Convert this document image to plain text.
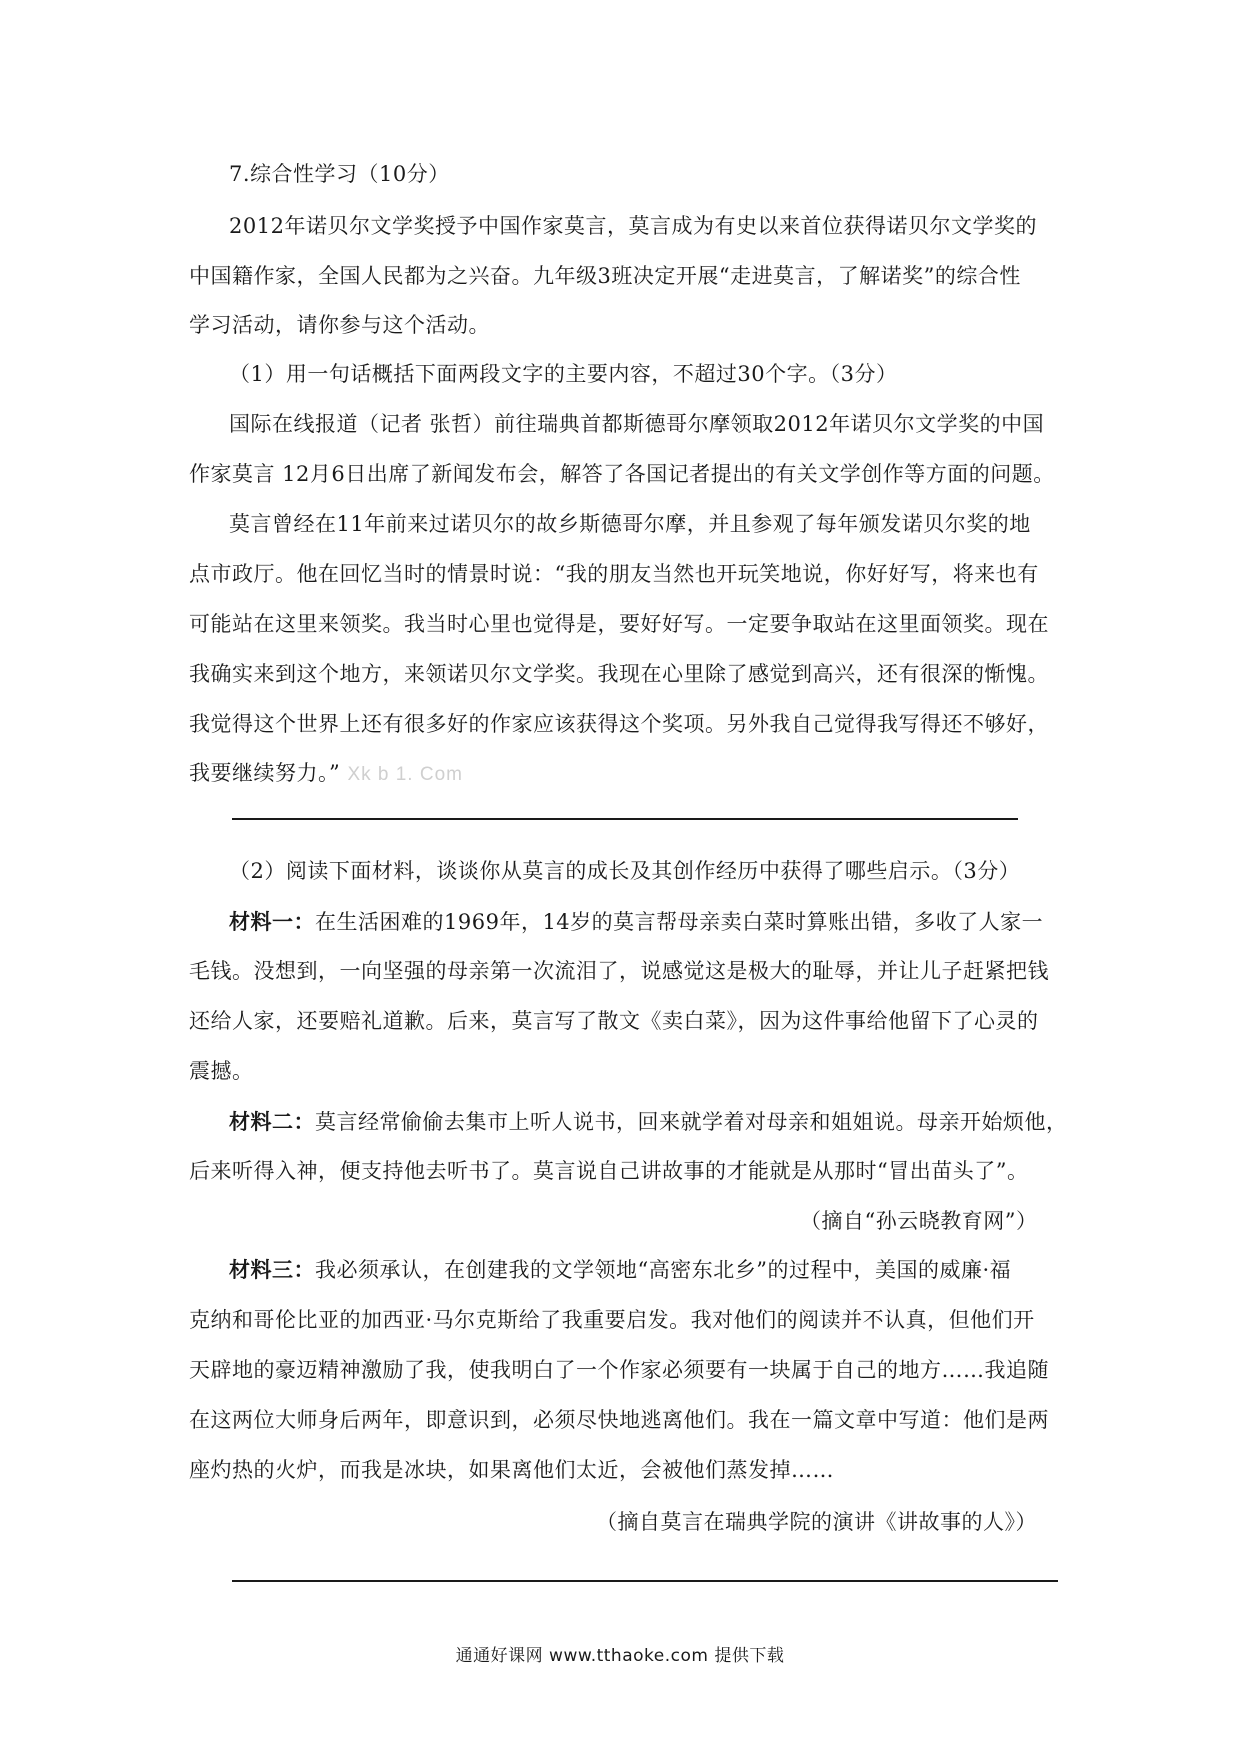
7.综合性学习（10分）
2012年诺贝尔文学奖授予中国作家莫言，莫言成为有史以来首位获得诺贝尔文学奖的
中国籍作家，全国人民都为之兴奋。九年级3班决定开展“走进莫言，了解诺奖”的综合性
学习活动，请你参与这个活动。
（1）用一句话概括下面两段文字的主要内容，不超过30个字。（3分）
国际在线报道（记者 张哲）前往瑞典首都斯德哥尔摩领取2012年诺贝尔文学奖的中国
作家莫言 12月6日出席了新闻发布会，解答了各国记者提出的有关文学创作等方面的问题。
莫言曾经在11年前来过诺贝尔的故乡斯德哥尔摩，并且参观了每年颁发诺贝尔奖的地
点市政厅。他在回忆当时的情景时说：“我的朋友当然也开玩笑地说，你好好写，将来也有
可能站在这里来领奖。我当时心里也觉得是，要好好写。一定要争取站在这里面领奖。现在
我确实来到这个地方，来领诺贝尔文学奖。我现在心里除了感觉到高兴，还有很深的惭愧。
我觉得这个世界上还有很多好的作家应该获得这个奖项。另外我自己觉得我写得还不够好，
我要继续努力。” Xk b 1. Com
（2）阅读下面材料，谈谈你从莫言的成长及其创作经历中获得了哪些启示。（3分）
材料一：在生活困难的1969年，14岁的莫言帮母亲卖白菜时算账出错，多收了人家一
毛钱。没想到，一向坚强的母亲第一次流泪了，说感觉这是极大的耻辱，并让儿子赶紧把钱
还给人家，还要赔礼道歉。后来，莫言写了散文《卖白菜》，因为这件事给他留下了心灵的
震撼。
材料二：莫言经常偷偷去集市上听人说书，回来就学着对母亲和姐姐说。母亲开始烦他，
后来听得入神，便支持他去听书了。莫言说自己讲故事的才能就是从那时“冒出苗头了”。
（摘自“孙云晓教育网”）
材料三：我必须承认，在创建我的文学领地“高密东北乡”的过程中，美国的威廉·福
克纳和哥伦比亚的加西亚·马尔克斯给了我重要启发。我对他们的阅读并不认真，但他们开
天辟地的豪迈精神激励了我，使我明白了一个作家必须要有一块属于自己的地方……我追随
在这两位大师身后两年，即意识到，必须尽快地逃离他们。我在一篇文章中写道：他们是两
座灼热的火炉，而我是冰块，如果离他们太近，会被他们蒸发掉……
（摘自莫言在瑞典学院的演讲《讲故事的人》）
通通好课网 www.tthaoke.com 提供下载
